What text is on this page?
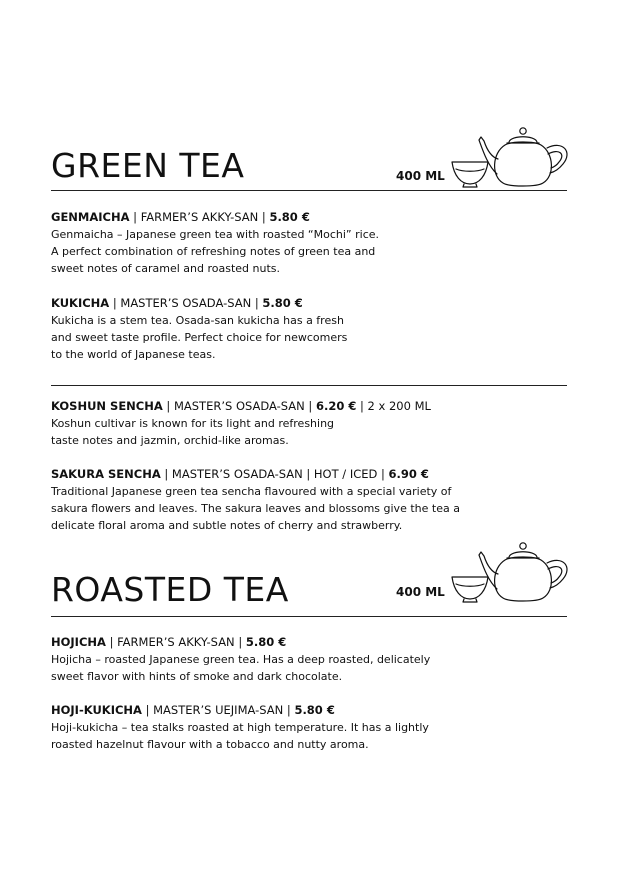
GREEN TEA	400 ML
GENMAICHA | FARMER’S AKKY-SAN | 5.80 €
Genmaicha – Japanese green tea with roasted “Mochi” rice.
A perfect combination of refreshing notes of green tea and
sweet notes of caramel and roasted nuts.
KUKICHA | MASTER’S OSADA-SAN | 5.80 €
Kukicha is a stem tea. Osada-san kukicha has a fresh
and sweet taste profile. Perfect choice for newcomers
to the world of Japanese teas.
KOSHUN SENCHA | MASTER’S OSADA-SAN | 6.20 € | 2 x 200 ML
Koshun cultivar is known for its light and refreshing
taste notes and jazmin, orchid-like aromas.
SAKURA SENCHA | MASTER’S OSADA-SAN | HOT / ICED | 6.90 €
Traditional Japanese green tea sencha flavoured with a special variety of
sakura flowers and leaves. The sakura leaves and blossoms give the tea a
delicate floral aroma and subtle notes of cherry and strawberry.
ROASTED TEA	400 ML
HOJICHA | FARMER’S AKKY-SAN | 5.80 €
Hojicha – roasted Japanese green tea. Has a deep roasted, delicately
sweet flavor with hints of smoke and dark chocolate.
HOJI-KUKICHA | MASTER’S UEJIMA-SAN | 5.80 €
Hoji-kukicha – tea stalks roasted at high temperature. It has a lightly
roasted hazelnut flavour with a tobacco and nutty aroma.
